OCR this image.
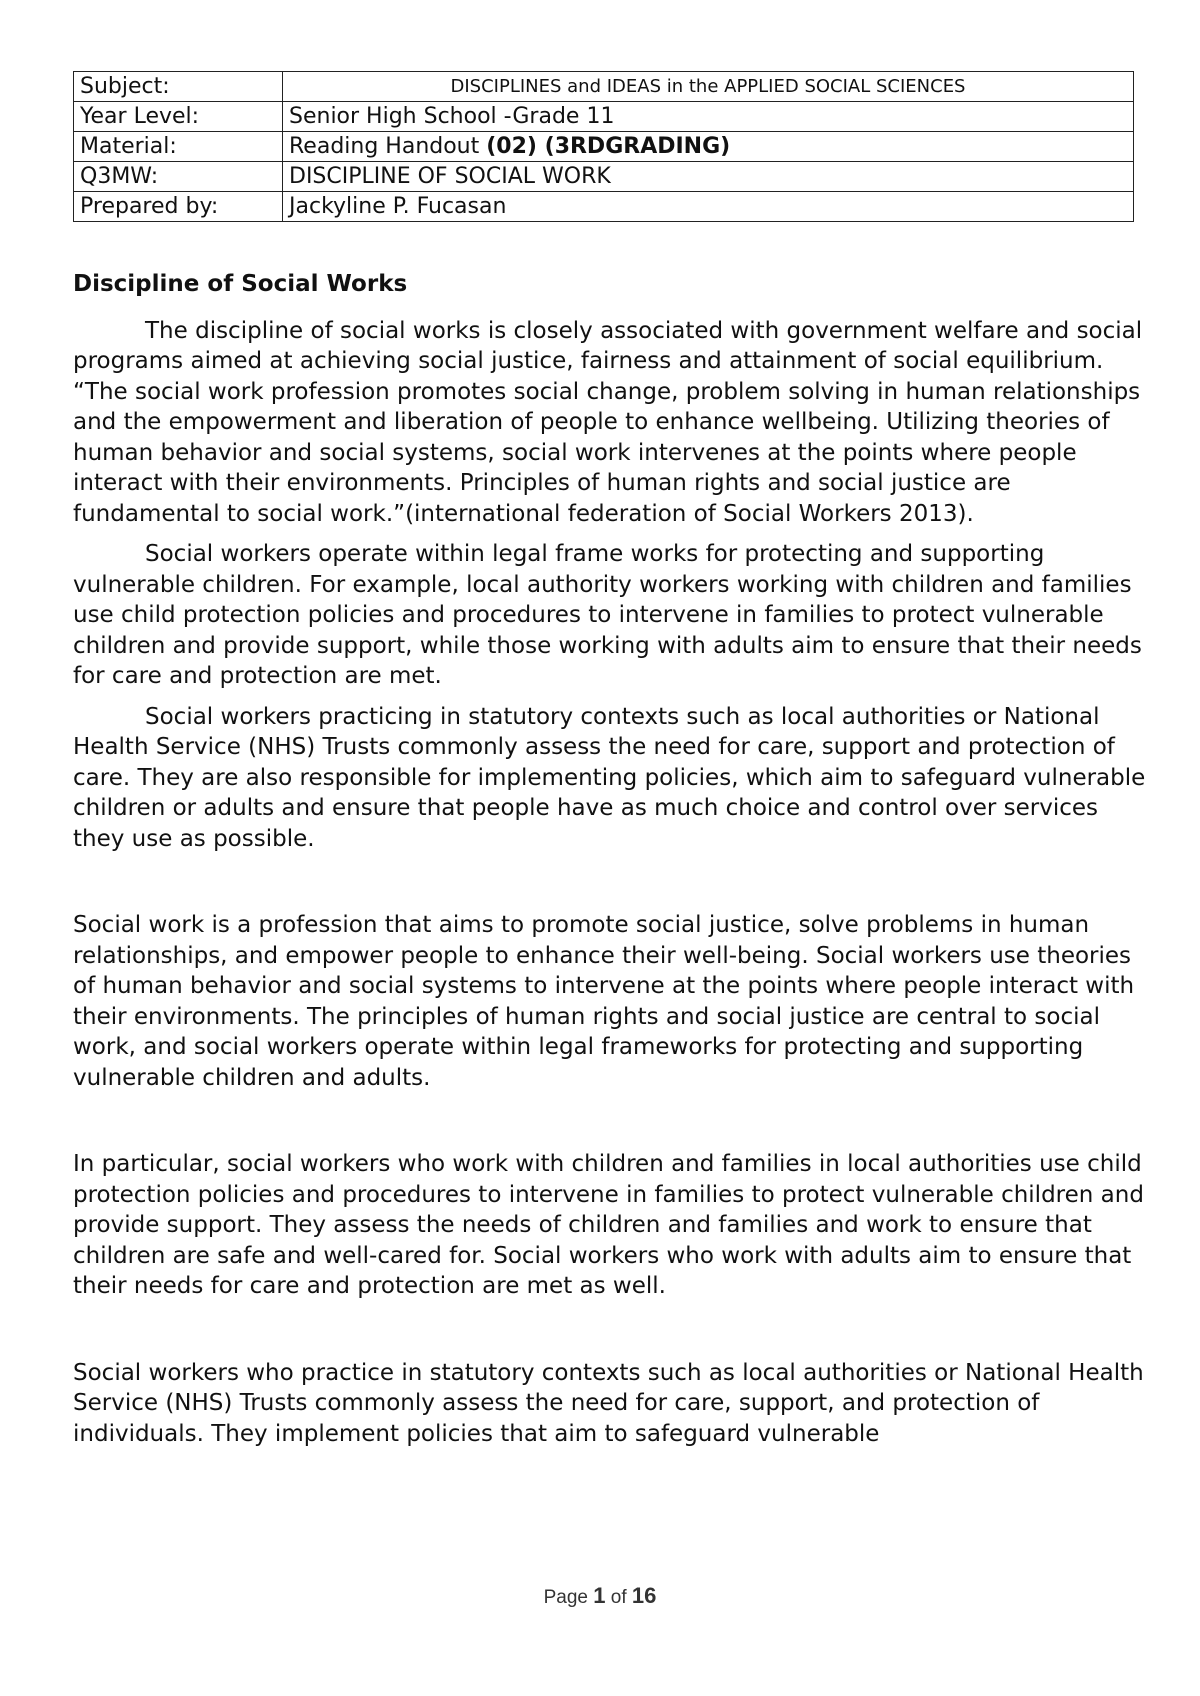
Subject:	DISCIPLINES and IDEAS in the APPLIED SOCIAL SCIENCES
Year Level:	Senior High School -Grade 11
Material:	Reading Handout (02) (3RDGRADING)
Q3MW:	DISCIPLINE OF SOCIAL WORK
Prepared by:	Jackyline P. Fucasan

Discipline of Social Works

The discipline of social works is closely associated with government welfare and social programs aimed at achieving social justice, fairness and attainment of social equilibrium. “The social work profession promotes social change, problem solving in human relationships and the empowerment and liberation of people to enhance wellbeing. Utilizing theories of human behavior and social systems, social work intervenes at the points where people interact with their environments. Principles of human rights and social justice are fundamental to social work.”(international federation of Social Workers 2013).

Social workers operate within legal frame works for protecting and supporting vulnerable children. For example, local authority workers working with children and families use child protection policies and procedures to intervene in families to protect vulnerable children and provide support, while those working with adults aim to ensure that their needs for care and protection are met.

Social workers practicing in statutory contexts such as local authorities or National Health Service (NHS) Trusts commonly assess the need for care, support and protection of care. They are also responsible for implementing policies, which aim to safeguard vulnerable children or adults and ensure that people have as much choice and control over services they use as possible.

Social work is a profession that aims to promote social justice, solve problems in human relationships, and empower people to enhance their well-being. Social workers use theories of human behavior and social systems to intervene at the points where people interact with their environments. The principles of human rights and social justice are central to social work, and social workers operate within legal frameworks for protecting and supporting vulnerable children and adults.

In particular, social workers who work with children and families in local authorities use child protection policies and procedures to intervene in families to protect vulnerable children and provide support. They assess the needs of children and families and work to ensure that children are safe and well-cared for. Social workers who work with adults aim to ensure that their needs for care and protection are met as well.

Social workers who practice in statutory contexts such as local authorities or National Health Service (NHS) Trusts commonly assess the need for care, support, and protection of individuals. They implement policies that aim to safeguard vulnerable

Page 1 of 16
